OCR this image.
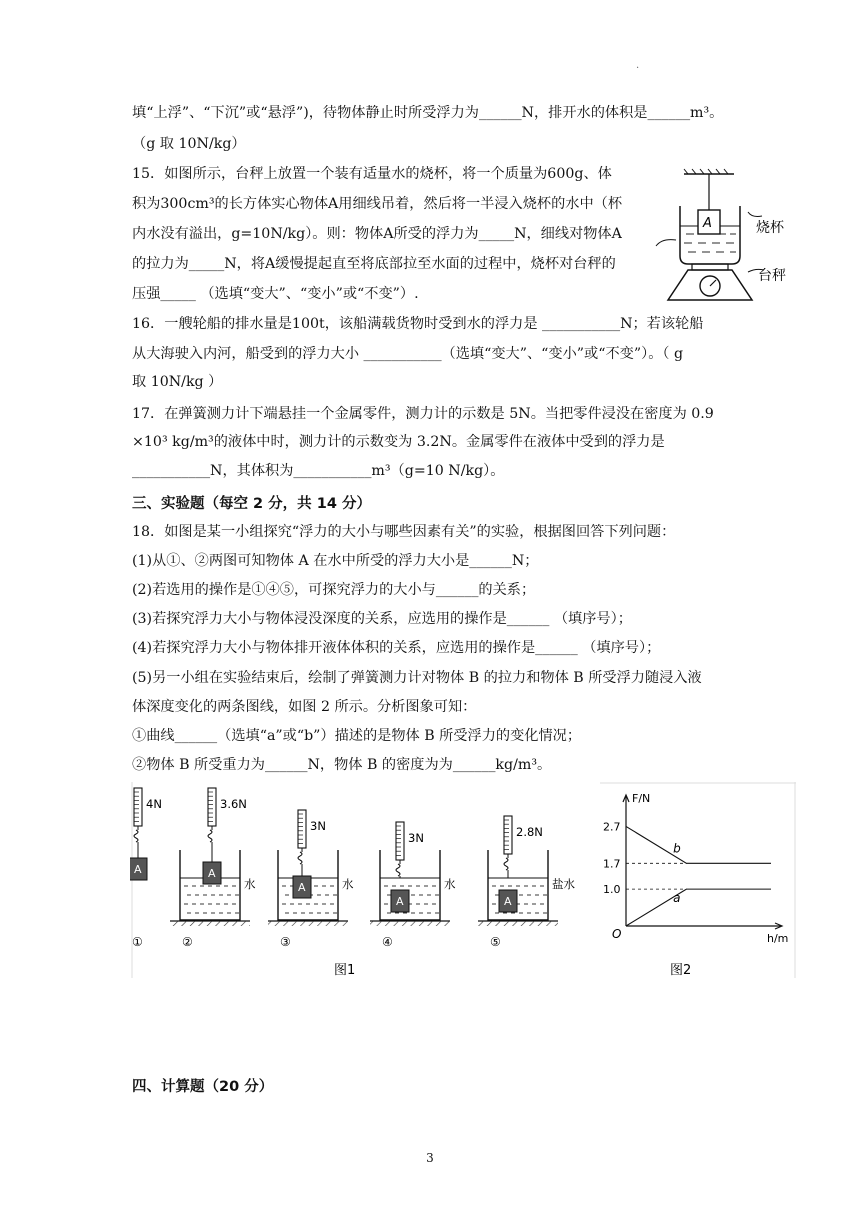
.
填“上浮”、“下沉”或“悬浮”)，待物体静止时所受浮力为______N，排开水的体积是______m³。
（g 取 10N/kg）
15．如图所示，台秤上放置一个装有适量水的烧杯，将一个质量为600g、体
积为300cm³的长方体实心物体A用细线吊着，然后将一半浸入烧杯的水中（杯
内水没有溢出，g=10N/kg）。则：物体A所受的浮力为_____N，细线对物体A
的拉力为_____N，将A缓慢提起直至将底部拉至水面的过程中，烧杯对台秤的
压强_____ （选填“变大”、“变小”或“不变”）.
A	烧杯
台秤
16．一艘轮船的排水量是100t，该船满载货物时受到水的浮力是 ___________N；若该轮船
从大海驶入内河，船受到的浮力大小 ___________（选填“变大”、“变小”或“不变”）。（ g
取 10N/kg ）
17．在弹簧测力计下端悬挂一个金属零件，测力计的示数是 5N。当把零件浸没在密度为 0.9
×10³ kg/m³的液体中时，测力计的示数变为 3.2N。金属零件在液体中受到的浮力是
___________N，其体积为___________m³（g=10 N/kg）。
三、实验题（每空 2 分，共 14 分）
18．如图是某一小组探究“浮力的大小与哪些因素有关”的实验，根据图回答下列问题：
(1)从①、②两图可知物体 A 在水中所受的浮力大小是______N；
(2)若选用的操作是①④⑤，可探究浮力的大小与______的关系；
(3)若探究浮力大小与物体浸没深度的关系，应选用的操作是______ （填序号）；
(4)若探究浮力大小与物体排开液体体积的关系，应选用的操作是______ （填序号）；
(5)另一小组在实验结束后，绘制了弹簧测力计对物体 B 的拉力和物体 B 所受浮力随浸入液
体深度变化的两条图线，如图 2 所示。分析图象可知：
①曲线______（选填“a”或“b”）描述的是物体 B 所受浮力的变化情况；
②物体 B 所受重力为______N，物体 B 的密度为为______kg/m³。
4N
A
①
3.6N
水
A
②
3N
水
A
③
3N
水
A
④
2.8N
盐水
A
⑤
图1
F/N
h/m
O
1.0
1.7
2.7
b
a
图2
四、计算题（20 分）
3
